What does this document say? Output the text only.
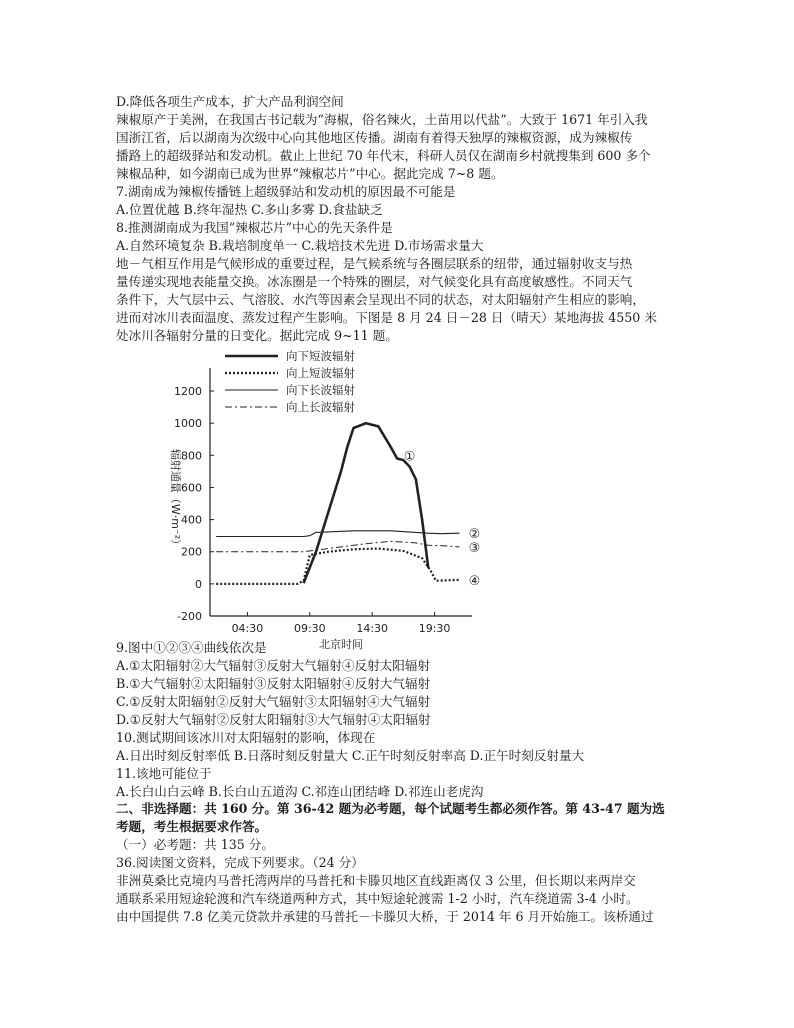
向下短波辐射
向上短波辐射
向下长波辐射
向上长波辐射
-200
0
200
400
600
800
1000
1200
04:30	09:30	14:30	19:30
北京时间
辐射通量（W·m⁻²）	①
④
②
③
D.降低各项生产成本，扩大产品利润空间
辣椒原产于美洲，在我国古书记载为“海椒，俗名辣火，土苗用以代盐”。大致于 1671 年引入我
国浙江省，后以湖南为次级中心向其他地区传播。湖南有着得天独厚的辣椒资源，成为辣椒传
播路上的超级驿站和发动机。截止上世纪 70 年代末，科研人员仅在湖南乡村就搜集到 600 多个
辣椒品种，如今湖南已成为世界“辣椒芯片”中心。据此完成 7~8 题。
7.湖南成为辣椒传播链上超级驿站和发动机的原因最不可能是
A.位置优越 B.终年湿热 C.多山多雾 D.食盐缺乏
8.推测湖南成为我国“辣椒芯片”中心的先天条件是
A.自然环境复杂 B.栽培制度单一 C.栽培技术先进 D.市场需求量大
地－气相互作用是气候形成的重要过程，是气候系统与各圈层联系的纽带，通过辐射收支与热
量传递实现地表能量交换。冰冻圈是一个特殊的圈层，对气候变化具有高度敏感性。不同天气
条件下，大气层中云、气溶胶、水汽等因素会呈现出不同的状态，对太阳辐射产生相应的影响，
进而对冰川表面温度、蒸发过程产生影响。下图是 8 月 24 日－28 日（晴天）某地海拔 4550 米
处冰川各辐射分量的日变化。据此完成 9~11 题。
9.图中①②③④曲线依次是
A.①太阳辐射②大气辐射③反射大气辐射④反射太阳辐射
B.①大气辐射②太阳辐射③反射太阳辐射④反射大气辐射
C.①反射太阳辐射②反射大气辐射③太阳辐射④大气辐射
D.①反射大气辐射②反射太阳辐射③大气辐射④太阳辐射
10.测试期间该冰川对太阳辐射的影响，体现在
A.日出时刻反射率低 B.日落时刻反射量大 C.正午时刻反射率高 D.正午时刻反射量大
11.该地可能位于
A.长白山白云峰 B.长白山五道沟 C.祁连山团结峰 D.祁连山老虎沟
二、非选择题：共 160 分。第 36-42 题为必考题，每个试题考生都必须作答。第 43-47 题为选
考题，考生根据要求作答。
（一）必考题：共 135 分。
36.阅读图文资料，完成下列要求。（24 分）
非洲莫桑比克境内马普托湾两岸的马普托和卡滕贝地区直线距离仅 3 公里，但长期以来两岸交
通联系采用短途轮渡和汽车绕道两种方式，其中短途轮渡需 1-2 小时，汽车绕道需 3-4 小时。
由中国提供 7.8 亿美元贷款并承建的马普托－卡滕贝大桥，于 2014 年 6 月开始施工。该桥通过
